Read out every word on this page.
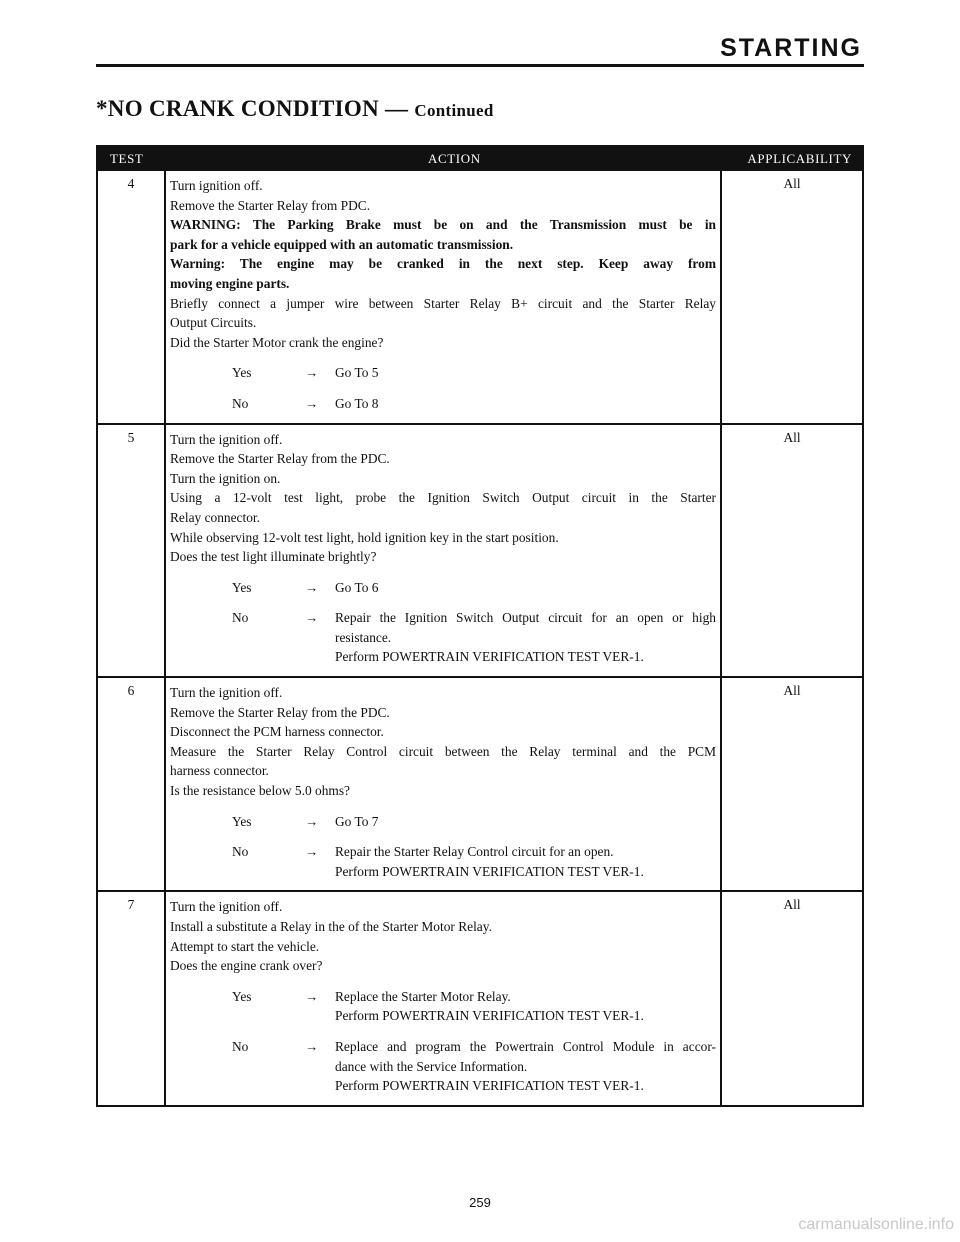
STARTING
*NO CRANK CONDITION — Continued
TEST	ACTION	APPLICABILITY
4	Turn ignition off.
Remove the Starter Relay from PDC.
WARNING: The Parking Brake must be on and the Transmission must be in
park for a vehicle equipped with an automatic transmission.
Warning: The engine may be cranked in the next step. Keep away from
moving engine parts.
Briefly connect a jumper wire between Starter Relay B+ circuit and the Starter Relay
Output Circuits.
Did the Starter Motor crank the engine?
Yes	→	Go To 5
No	→	Go To 8
All
5	Turn the ignition off.
Remove the Starter Relay from the PDC.
Turn the ignition on.
Using a 12-volt test light, probe the Ignition Switch Output circuit in the Starter
Relay connector.
While observing 12-volt test light, hold ignition key in the start position.
Does the test light illuminate brightly?
Yes	→	Go To 6
No	→	Repair the Ignition Switch Output circuit for an open or high
resistance.
Perform POWERTRAIN VERIFICATION TEST VER-1.
All
6	Turn the ignition off.
Remove the Starter Relay from the PDC.
Disconnect the PCM harness connector.
Measure the Starter Relay Control circuit between the Relay terminal and the PCM
harness connector.
Is the resistance below 5.0 ohms?
Yes	→	Go To 7
No	→	Repair the Starter Relay Control circuit for an open.
Perform POWERTRAIN VERIFICATION TEST VER-1.
All
7	Turn the ignition off.
Install a substitute a Relay in the of the Starter Motor Relay.
Attempt to start the vehicle.
Does the engine crank over?
Yes	→	Replace the Starter Motor Relay.
Perform POWERTRAIN VERIFICATION TEST VER-1.
No	→	Replace and program the Powertrain Control Module in accor-
dance with the Service Information.
Perform POWERTRAIN VERIFICATION TEST VER-1.
All
259
carmanualsonline.info
